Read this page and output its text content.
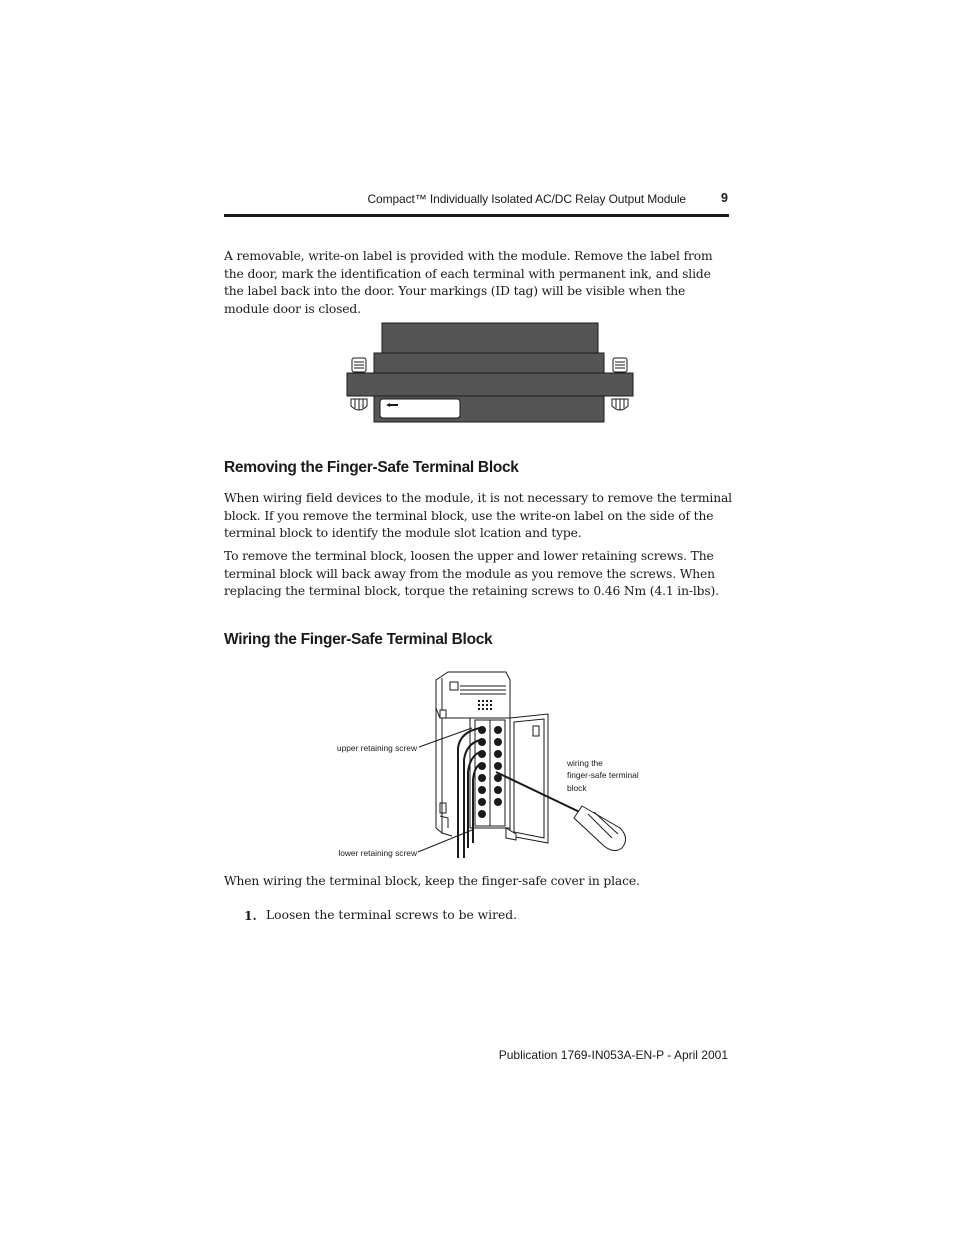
Compact™ Individually Isolated AC/DC Relay Output Module	9

A removable, write-on label is provided with the module. Remove the label from the door, mark the identification of each terminal with permanent ink, and slide the label back into the door. Your markings (ID tag) will be visible when the module door is closed.

Removing the Finger-Safe Terminal Block

When wiring field devices to the module, it is not necessary to remove the terminal block. If you remove the terminal block, use the write-on label on the side of the terminal block to identify the module slot lcation and type.

To remove the terminal block, loosen the upper and lower retaining screws. The terminal block will back away from the module as you remove the screws. When replacing the terminal block, torque the retaining screws to 0.46 Nm (4.1 in-lbs).

Wiring the Finger-Safe Terminal Block
upper retaining screw
lower retaining screw
wiring the
finger-safe terminal
block

When wiring the terminal block, keep the finger-safe cover in place.

1. Loosen the terminal screws to be wired.
Publication 1769-IN053A-EN-P - April 2001
